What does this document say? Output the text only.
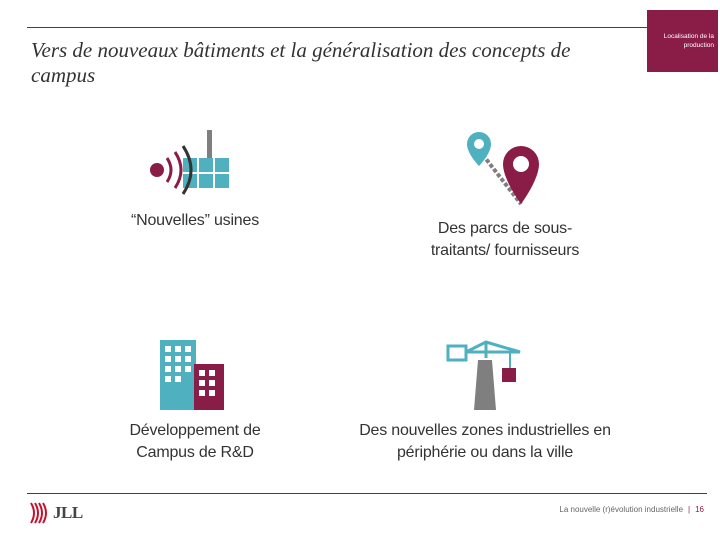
Vers de nouveaux bâtiments et la généralisation des concepts de campus
Localisation de la production
“Nouvelles” usines	Des parcs de sous-traitants/ fournisseurs
Développement de Campus de R&D
Des nouvelles zones industrielles en périphérie ou dans la ville
JLL	La nouvelle (r)évolution industrielle | 16
